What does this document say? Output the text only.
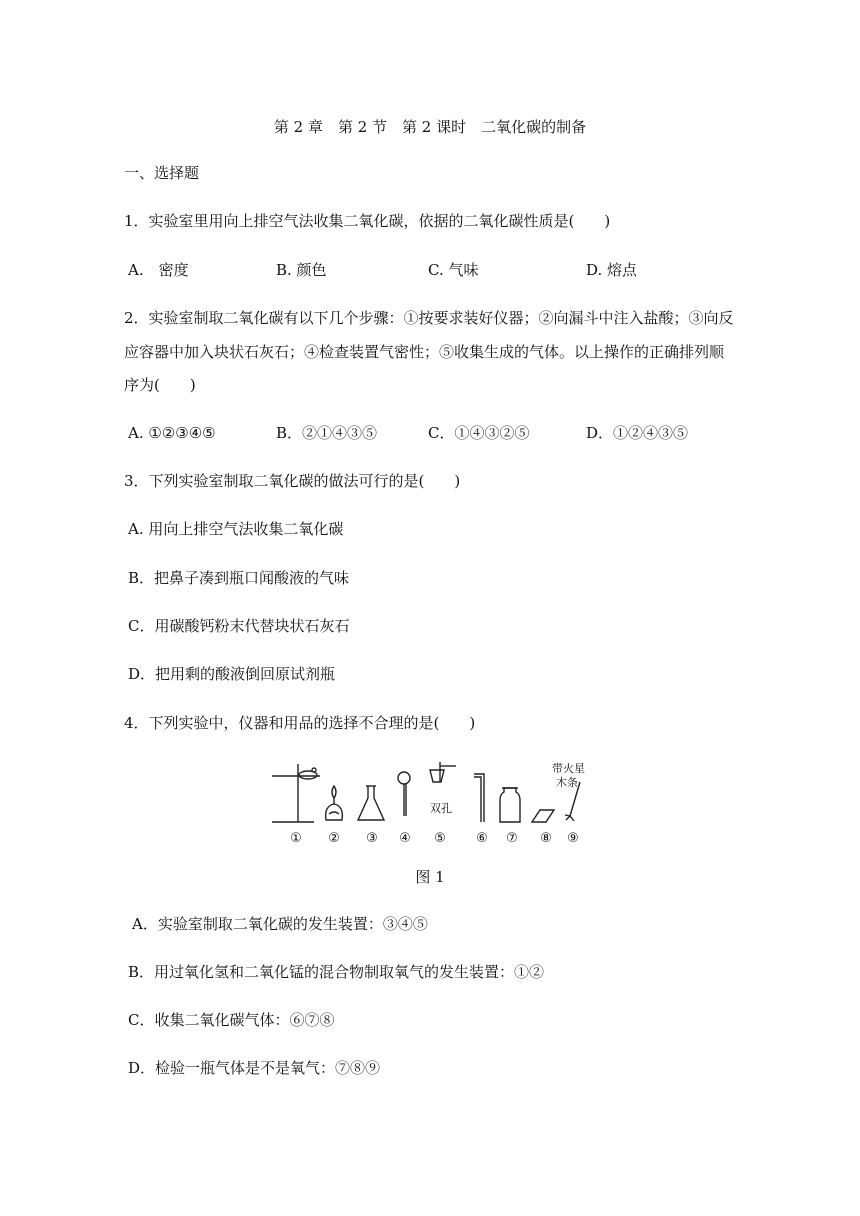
第 2 章　第 2 节　第 2 课时　二氧化碳的制备
一、选择题
1．实验室里用向上排空气法收集二氧化碳，依据的二氧化碳性质是(　　)
A.　密度	B. 颜色	C. 气味	D. 熔点
2．实验室制取二氧化碳有以下几个步骤：①按要求装好仪器；②向漏斗中注入盐酸；③向反
应容器中加入块状石灰石；④检查装置气密性；⑤收集生成的气体。以上操作的正确排列顺
序为(　　)
A. ①②③④⑤	B．②①④③⑤	C．①④③②⑤	D．①②④③⑤
3．下列实验室制取二氧化碳的做法可行的是(　　)
A. 用向上排空气法收集二氧化碳
B．把鼻子凑到瓶口闻酸液的气味
C．用碳酸钙粉末代替块状石灰石
D．把用剩的酸液倒回原试剂瓶
4．下列实验中，仪器和用品的选择不合理的是(　　)
双孔
带火星
木条
① ② ③ ④ ⑤ ⑥ ⑦ ⑧ ⑨
图 1
A．实验室制取二氧化碳的发生装置：③④⑤
B．用过氧化氢和二氧化锰的混合物制取氧气的发生装置：①②
C．收集二氧化碳气体：⑥⑦⑧
D．检验一瓶气体是不是氧气：⑦⑧⑨
